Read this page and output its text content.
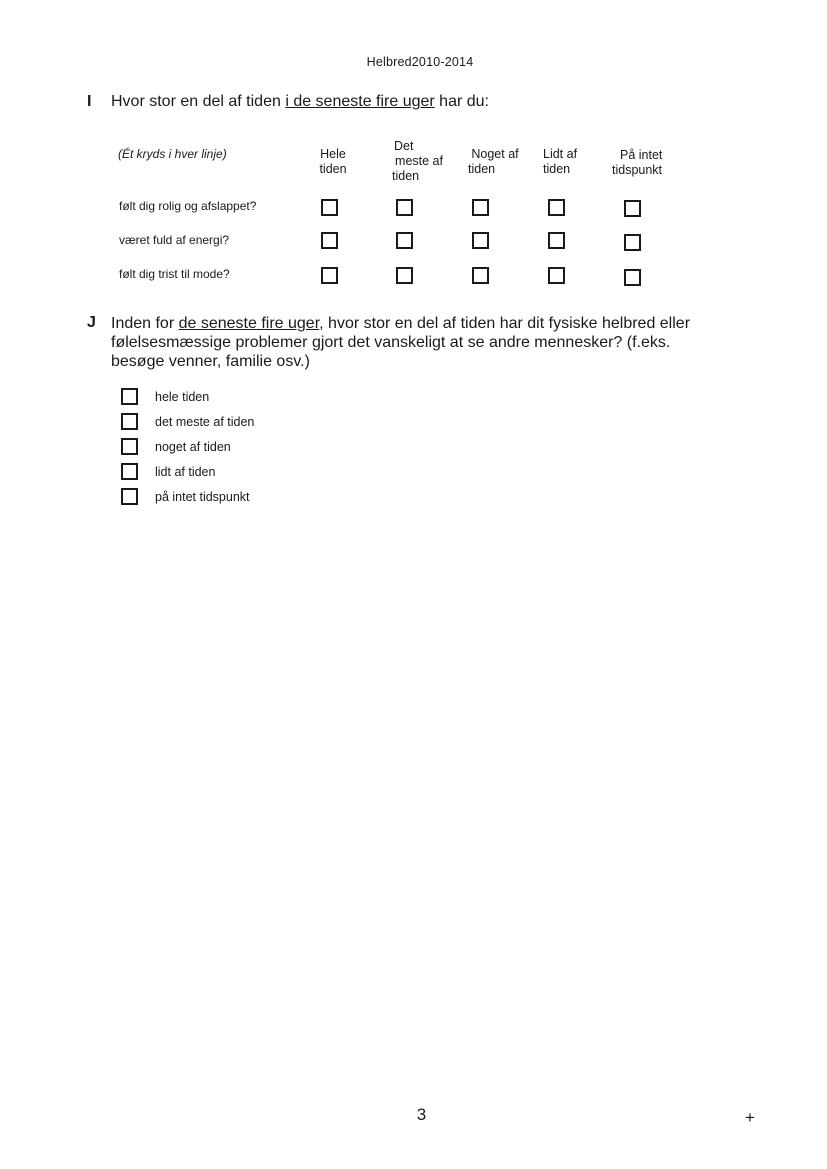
Helbred2010-2014
I Hvor stor en del af tiden i de seneste fire uger har du:
(Ét kryds i hver linje)	Hele
tiden
Det
meste af
tiden
Noget af
tiden
Lidt af
tiden
På intet
tidspunkt
følt dig rolig og afslappet?
været fuld af energi?
følt dig trist til mode?
J Inden for de seneste fire uger, hvor stor en del af tiden har dit fysiske helbred eller
følelsesmæssige problemer gjort det vanskeligt at se andre mennesker? (f.eks.
besøge venner, familie osv.)
hele tiden
det meste af tiden
noget af tiden
lidt af tiden
på intet tidspunkt
3	+
